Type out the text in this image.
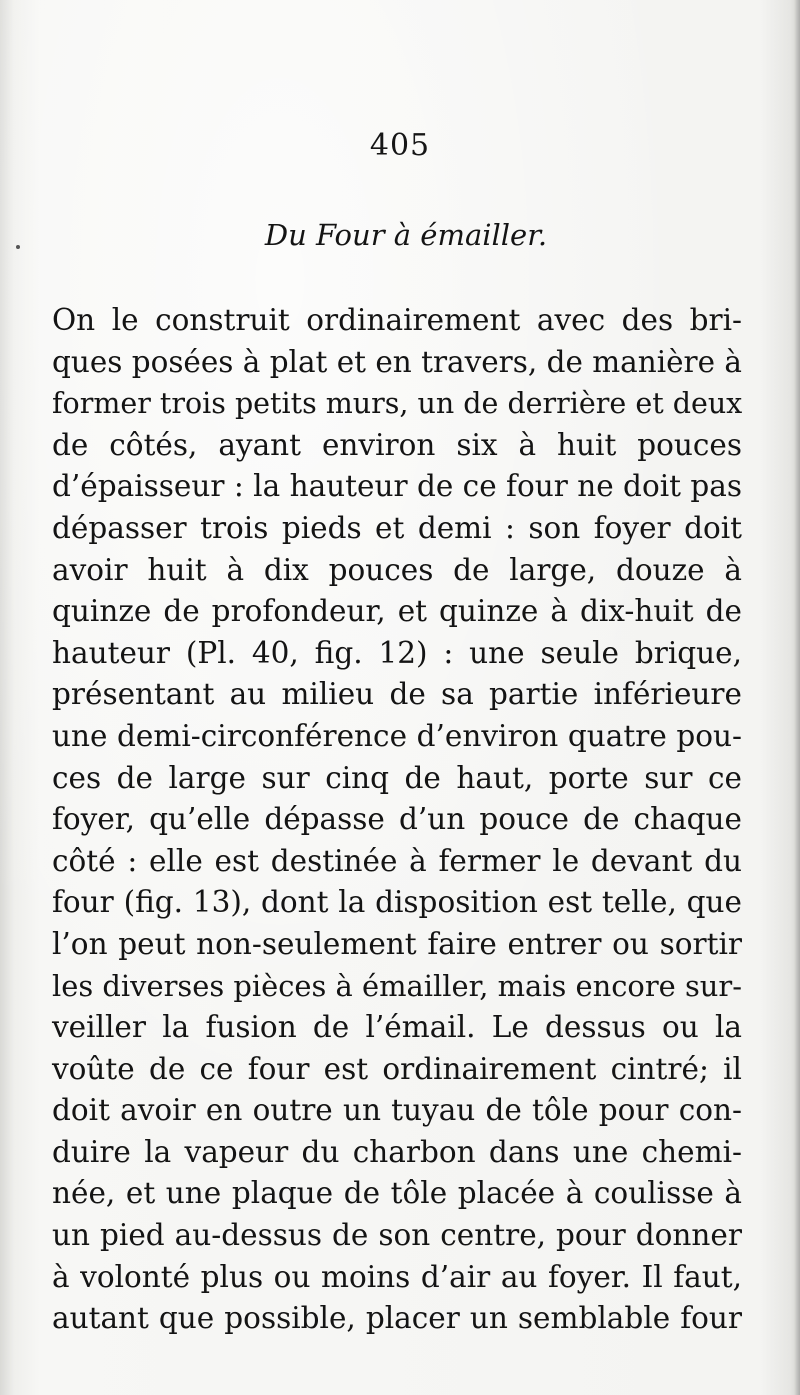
405
Du Four à émailler.
On le construit ordinairement avec des bri-
ques posées à plat et en travers, de manière à
former trois petits murs, un de derrière et deux
de côtés, ayant environ six à huit pouces
d’épaisseur : la hauteur de ce four ne doit pas
dépasser trois pieds et demi : son foyer doit
avoir huit à dix pouces de large, douze à
quinze de profondeur, et quinze à dix-huit de
hauteur (Pl. 40, fig. 12) : une seule brique,
présentant au milieu de sa partie inférieure
une demi-circonférence d’environ quatre pou-
ces de large sur cinq de haut, porte sur ce
foyer, qu’elle dépasse d’un pouce de chaque
côté : elle est destinée à fermer le devant du
four (fig. 13), dont la disposition est telle, que
l’on peut non-seulement faire entrer ou sortir
les diverses pièces à émailler, mais encore sur-
veiller la fusion de l’émail. Le dessus ou la
voûte de ce four est ordinairement cintré; il
doit avoir en outre un tuyau de tôle pour con-
duire la vapeur du charbon dans une chemi-
née, et une plaque de tôle placée à coulisse à
un pied au-dessus de son centre, pour donner
à volonté plus ou moins d’air au foyer. Il faut,
autant que possible, placer un semblable four
